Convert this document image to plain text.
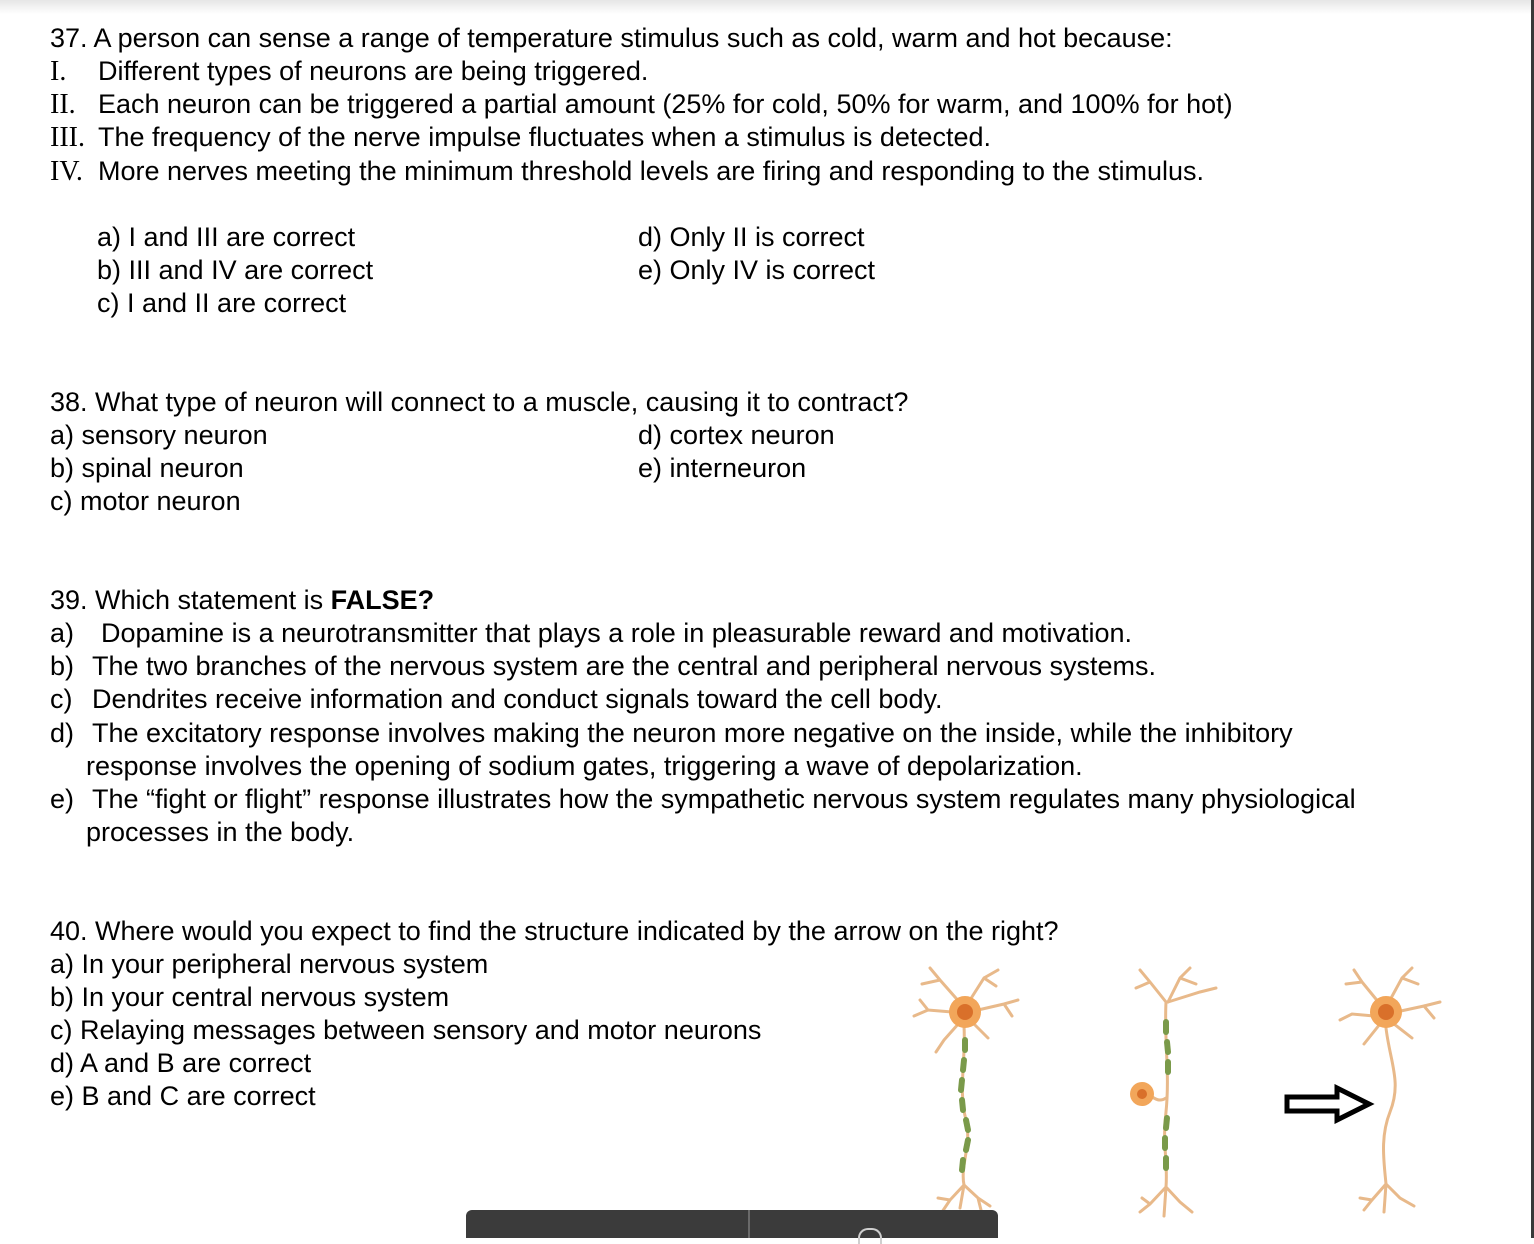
37. A person can sense a range of temperature stimulus such as cold, warm and hot because:
I. Different types of neurons are being triggered.
II. Each neuron can be triggered a partial amount (25% for cold, 50% for warm, and 100% for hot)
III. The frequency of the nerve impulse fluctuates when a stimulus is detected.
IV. More nerves meeting the minimum threshold levels are firing and responding to the stimulus.
a) I and III are correct
b) III and IV are correct
c) I and II are correct
d) Only II is correct
e) Only IV is correct
38. What type of neuron will connect to a muscle, causing it to contract?
a) sensory neuron
b) spinal neuron
c) motor neuron
d) cortex neuron
e) interneuron
39. Which statement is FALSE?
a) Dopamine is a neurotransmitter that plays a role in pleasurable reward and motivation.
b) The two branches of the nervous system are the central and peripheral nervous systems.
c) Dendrites receive information and conduct signals toward the cell body.
d) The excitatory response involves making the neuron more negative on the inside, while the inhibitory
response involves the opening of sodium gates, triggering a wave of depolarization.
e) The “fight or flight” response illustrates how the sympathetic nervous system regulates many physiological
processes in the body.
40. Where would you expect to find the structure indicated by the arrow on the right?
a) In your peripheral nervous system
b) In your central nervous system
c) Relaying messages between sensory and motor neurons
d) A and B are correct
e) B and C are correct
